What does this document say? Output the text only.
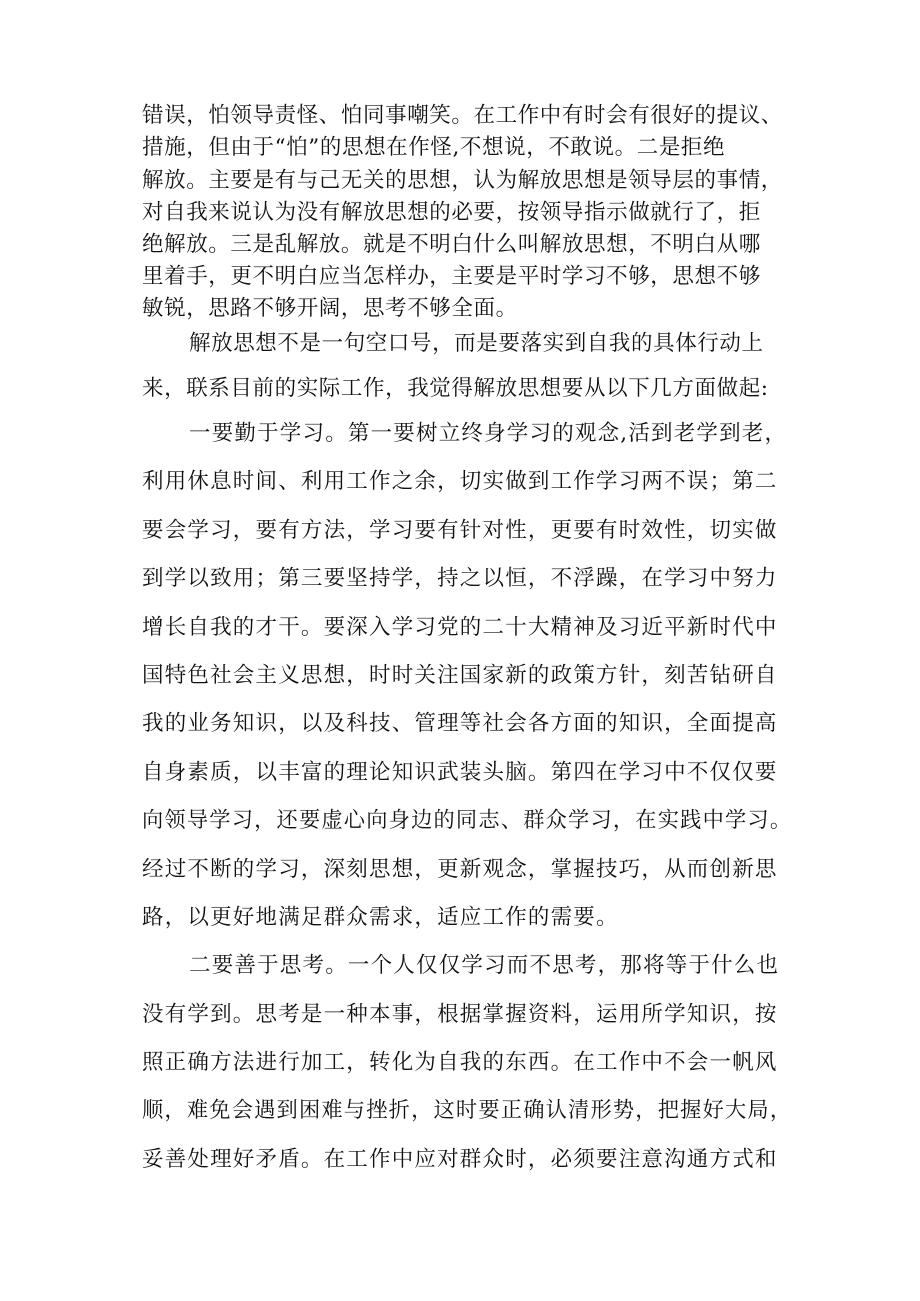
错误，怕领导责怪、怕同事嘲笑。在工作中有时会有很好的提议、
措施，但由于“怕”的思想在作怪,不想说，不敢说。二是拒绝
解放。主要是有与己无关的思想，认为解放思想是领导层的事情，
对自我来说认为没有解放思想的必要，按领导指示做就行了，拒
绝解放。三是乱解放。就是不明白什么叫解放思想，不明白从哪
里着手，更不明白应当怎样办，主要是平时学习不够，思想不够
敏锐，思路不够开阔，思考不够全面。
解放思想不是一句空口号，而是要落实到自我的具体行动上
来，联系目前的实际工作，我觉得解放思想要从以下几方面做起:
一要勤于学习。第一要树立终身学习的观念,活到老学到老，
利用休息时间、利用工作之余，切实做到工作学习两不误；第二
要会学习，要有方法，学习要有针对性，更要有时效性，切实做
到学以致用；第三要坚持学，持之以恒，不浮躁，在学习中努力
增长自我的才干。要深入学习党的二十大精神及习近平新时代中
国特色社会主义思想，时时关注国家新的政策方针，刻苦钻研自
我的业务知识，以及科技、管理等社会各方面的知识，全面提高
自身素质，以丰富的理论知识武装头脑。第四在学习中不仅仅要
向领导学习，还要虚心向身边的同志、群众学习，在实践中学习。
经过不断的学习，深刻思想，更新观念，掌握技巧，从而创新思
路，以更好地满足群众需求，适应工作的需要。
二要善于思考。一个人仅仅学习而不思考，那将等于什么也
没有学到。思考是一种本事，根据掌握资料，运用所学知识，按
照正确方法进行加工，转化为自我的东西。在工作中不会一帆风
顺，难免会遇到困难与挫折，这时要正确认清形势，把握好大局，
妥善处理好矛盾。在工作中应对群众时，必须要注意沟通方式和
